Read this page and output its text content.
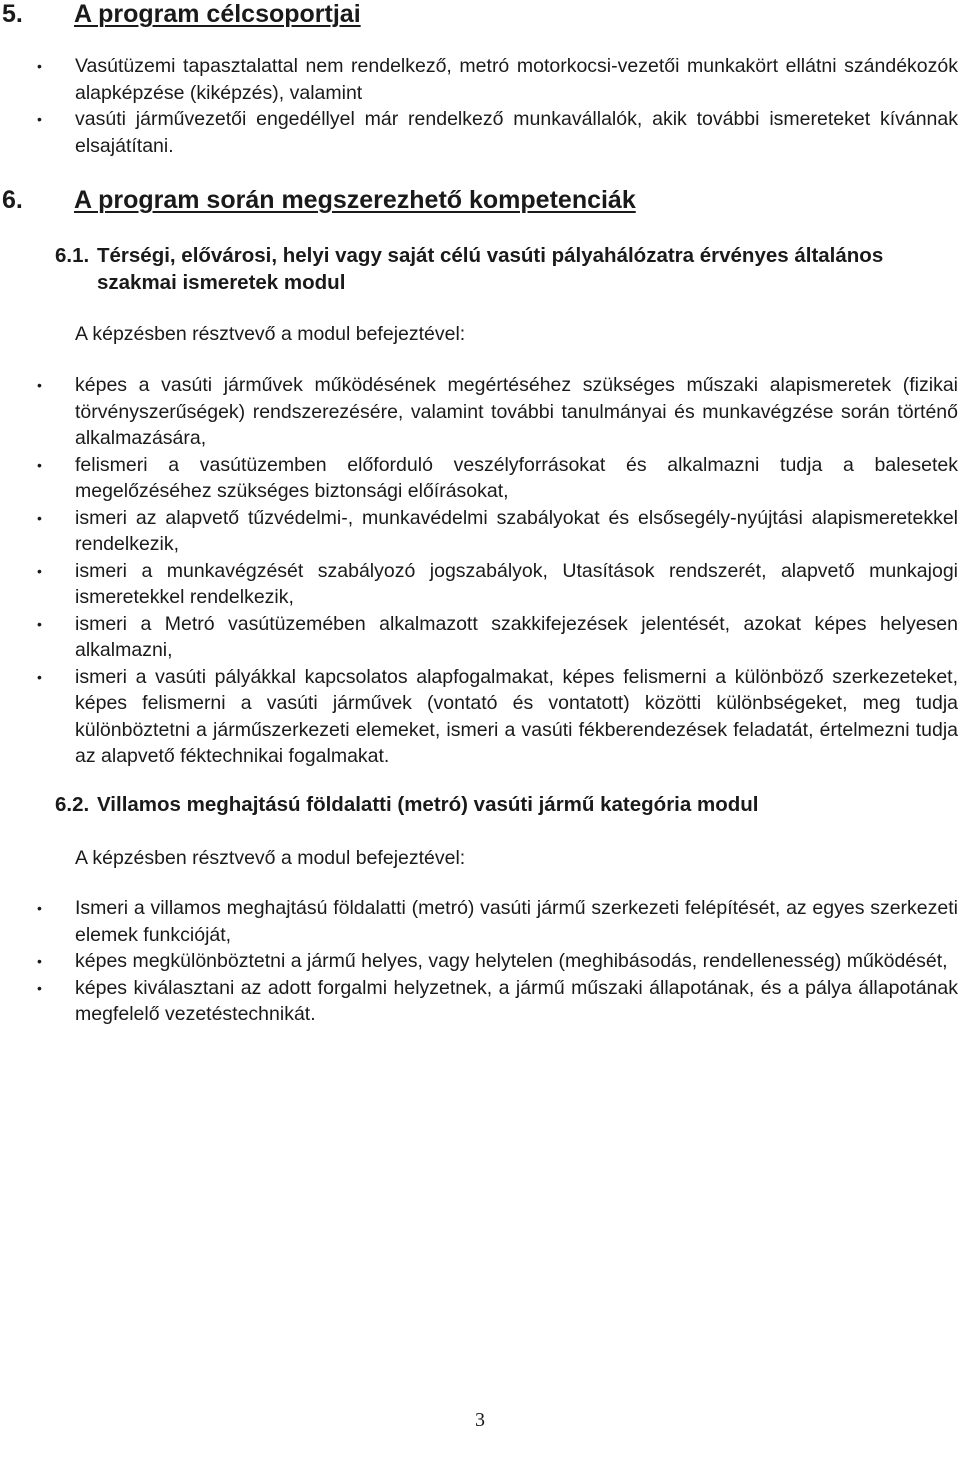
5. A program célcsoportjai
• Vasútüzemi tapasztalattal nem rendelkező, metró motorkocsi-vezetői munkakört ellátni szándékozók alapképzése (kiképzés), valamint
• vasúti járművezetői engedéllyel már rendelkező munkavállalók, akik további ismereteket kívánnak elsajátítani.
6. A program során megszerezhető kompetenciák
6.1. Térségi, elővárosi, helyi vagy saját célú vasúti pályahálózatra érvényes általános szakmai ismeretek modul
A képzésben résztvevő a modul befejeztével:
• képes a vasúti járművek működésének megértéséhez szükséges műszaki alapismeretek (fizikai törvényszerűségek) rendszerezésére, valamint további tanulmányai és munkavégzése során történő alkalmazására,
• felismeri a vasútüzemben előforduló veszélyforrásokat és alkalmazni tudja a balesetek megelőzéséhez szükséges biztonsági előírásokat,
• ismeri az alapvető tűzvédelmi-, munkavédelmi szabályokat és elsősegély-nyújtási alapismeretekkel rendelkezik,
• ismeri a munkavégzését szabályozó jogszabályok, Utasítások rendszerét, alapvető munkajogi ismeretekkel rendelkezik,
• ismeri a Metró vasútüzemében alkalmazott szakkifejezések jelentését, azokat képes helyesen alkalmazni,
• ismeri a vasúti pályákkal kapcsolatos alapfogalmakat, képes felismerni a különböző szerkezeteket, képes felismerni a vasúti járművek (vontató és vontatott) közötti különbségeket, meg tudja különböztetni a járműszerkezeti elemeket, ismeri a vasúti fékberendezések feladatát, értelmezni tudja az alapvető féktechnikai fogalmakat.
6.2. Villamos meghajtású földalatti (metró) vasúti jármű kategória modul
A képzésben résztvevő a modul befejeztével:
• Ismeri a villamos meghajtású földalatti (metró) vasúti jármű szerkezeti felépítését, az egyes szerkezeti elemek funkcióját,
• képes megkülönböztetni a jármű helyes, vagy helytelen (meghibásodás, rendellenesség) működését,
• képes kiválasztani az adott forgalmi helyzetnek, a jármű műszaki állapotának, és a pálya állapotának megfelelő vezetéstechnikát.
3
